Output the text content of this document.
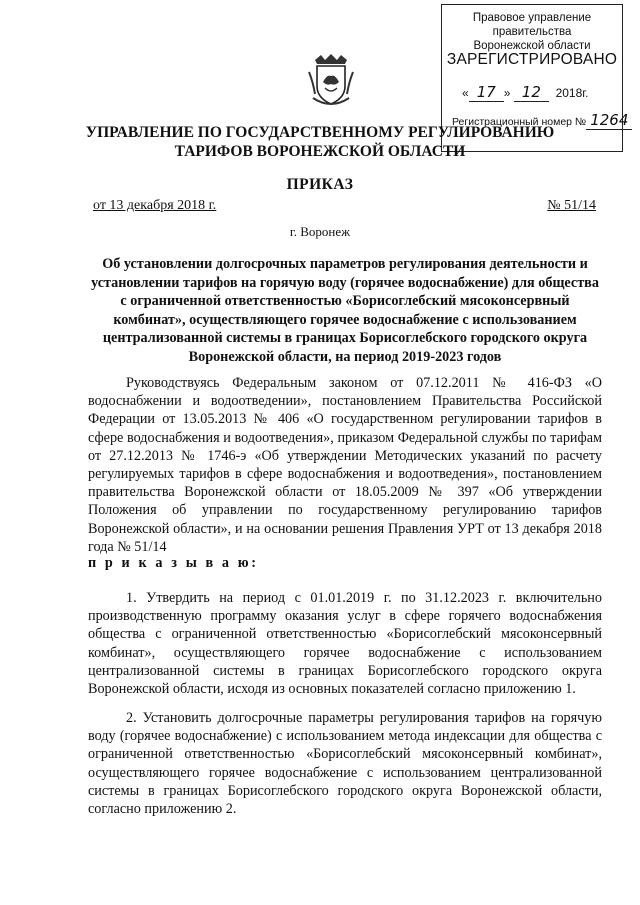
Правовое управление правительства
Воронежской области
ЗАРЕГИСТРИРОВАНО
« 17 » 12 2018г.
Регистрационный номер № 1264
УПРАВЛЕНИЕ ПО ГОСУДАРСТВЕННОМУ РЕГУЛИРОВАНИЮ
ТАРИФОВ ВОРОНЕЖСКОЙ ОБЛАСТИ
ПРИКАЗ
от 13 декабря 2018 г.	№ 51/14
г. Воронеж
Об установлении долгосрочных параметров регулирования деятельности и установлении тарифов на горячую воду (горячее водоснабжение) для общества с ограниченной ответственностью «Борисоглебский мясоконсервный комбинат», осуществляющего горячее водоснабжение с использованием централизованной системы в границах Борисоглебского городского округа Воронежской области, на период 2019-2023 годов
Руководствуясь Федеральным законом от 07.12.2011 № 416-ФЗ «О водоснабжении и водоотведении», постановлением Правительства Российской Федерации от 13.05.2013 № 406 «О государственном регулировании тарифов в сфере водоснабжения и водоотведения», приказом Федеральной службы по тарифам от 27.12.2013 № 1746-э «Об утверждении Методических указаний по расчету регулируемых тарифов в сфере водоснабжения и водоотведения», постановлением правительства Воронежской области от 18.05.2009 № 397 «Об утверждении Положения об управлении по государственному регулированию тарифов Воронежской области», и на основании решения Правления УРТ от 13 декабря 2018 года № 51/14
п р и к а з ы в а ю:
1. Утвердить на период с 01.01.2019 г. по 31.12.2023 г. включительно производственную программу оказания услуг в сфере горячего водоснабжения общества с ограниченной ответственностью «Борисоглебский мясоконсервный комбинат», осуществляющего горячее водоснабжение с использованием централизованной системы в границах Борисоглебского городского округа Воронежской области, исходя из основных показателей согласно приложению 1.
2. Установить долгосрочные параметры регулирования тарифов на горячую воду (горячее водоснабжение) с использованием метода индексации для общества с ограниченной ответственностью «Борисоглебский мясоконсервный комбинат», осуществляющего горячее водоснабжение с использованием централизованной системы в границах Борисоглебского городского округа Воронежской области, согласно приложению 2.
